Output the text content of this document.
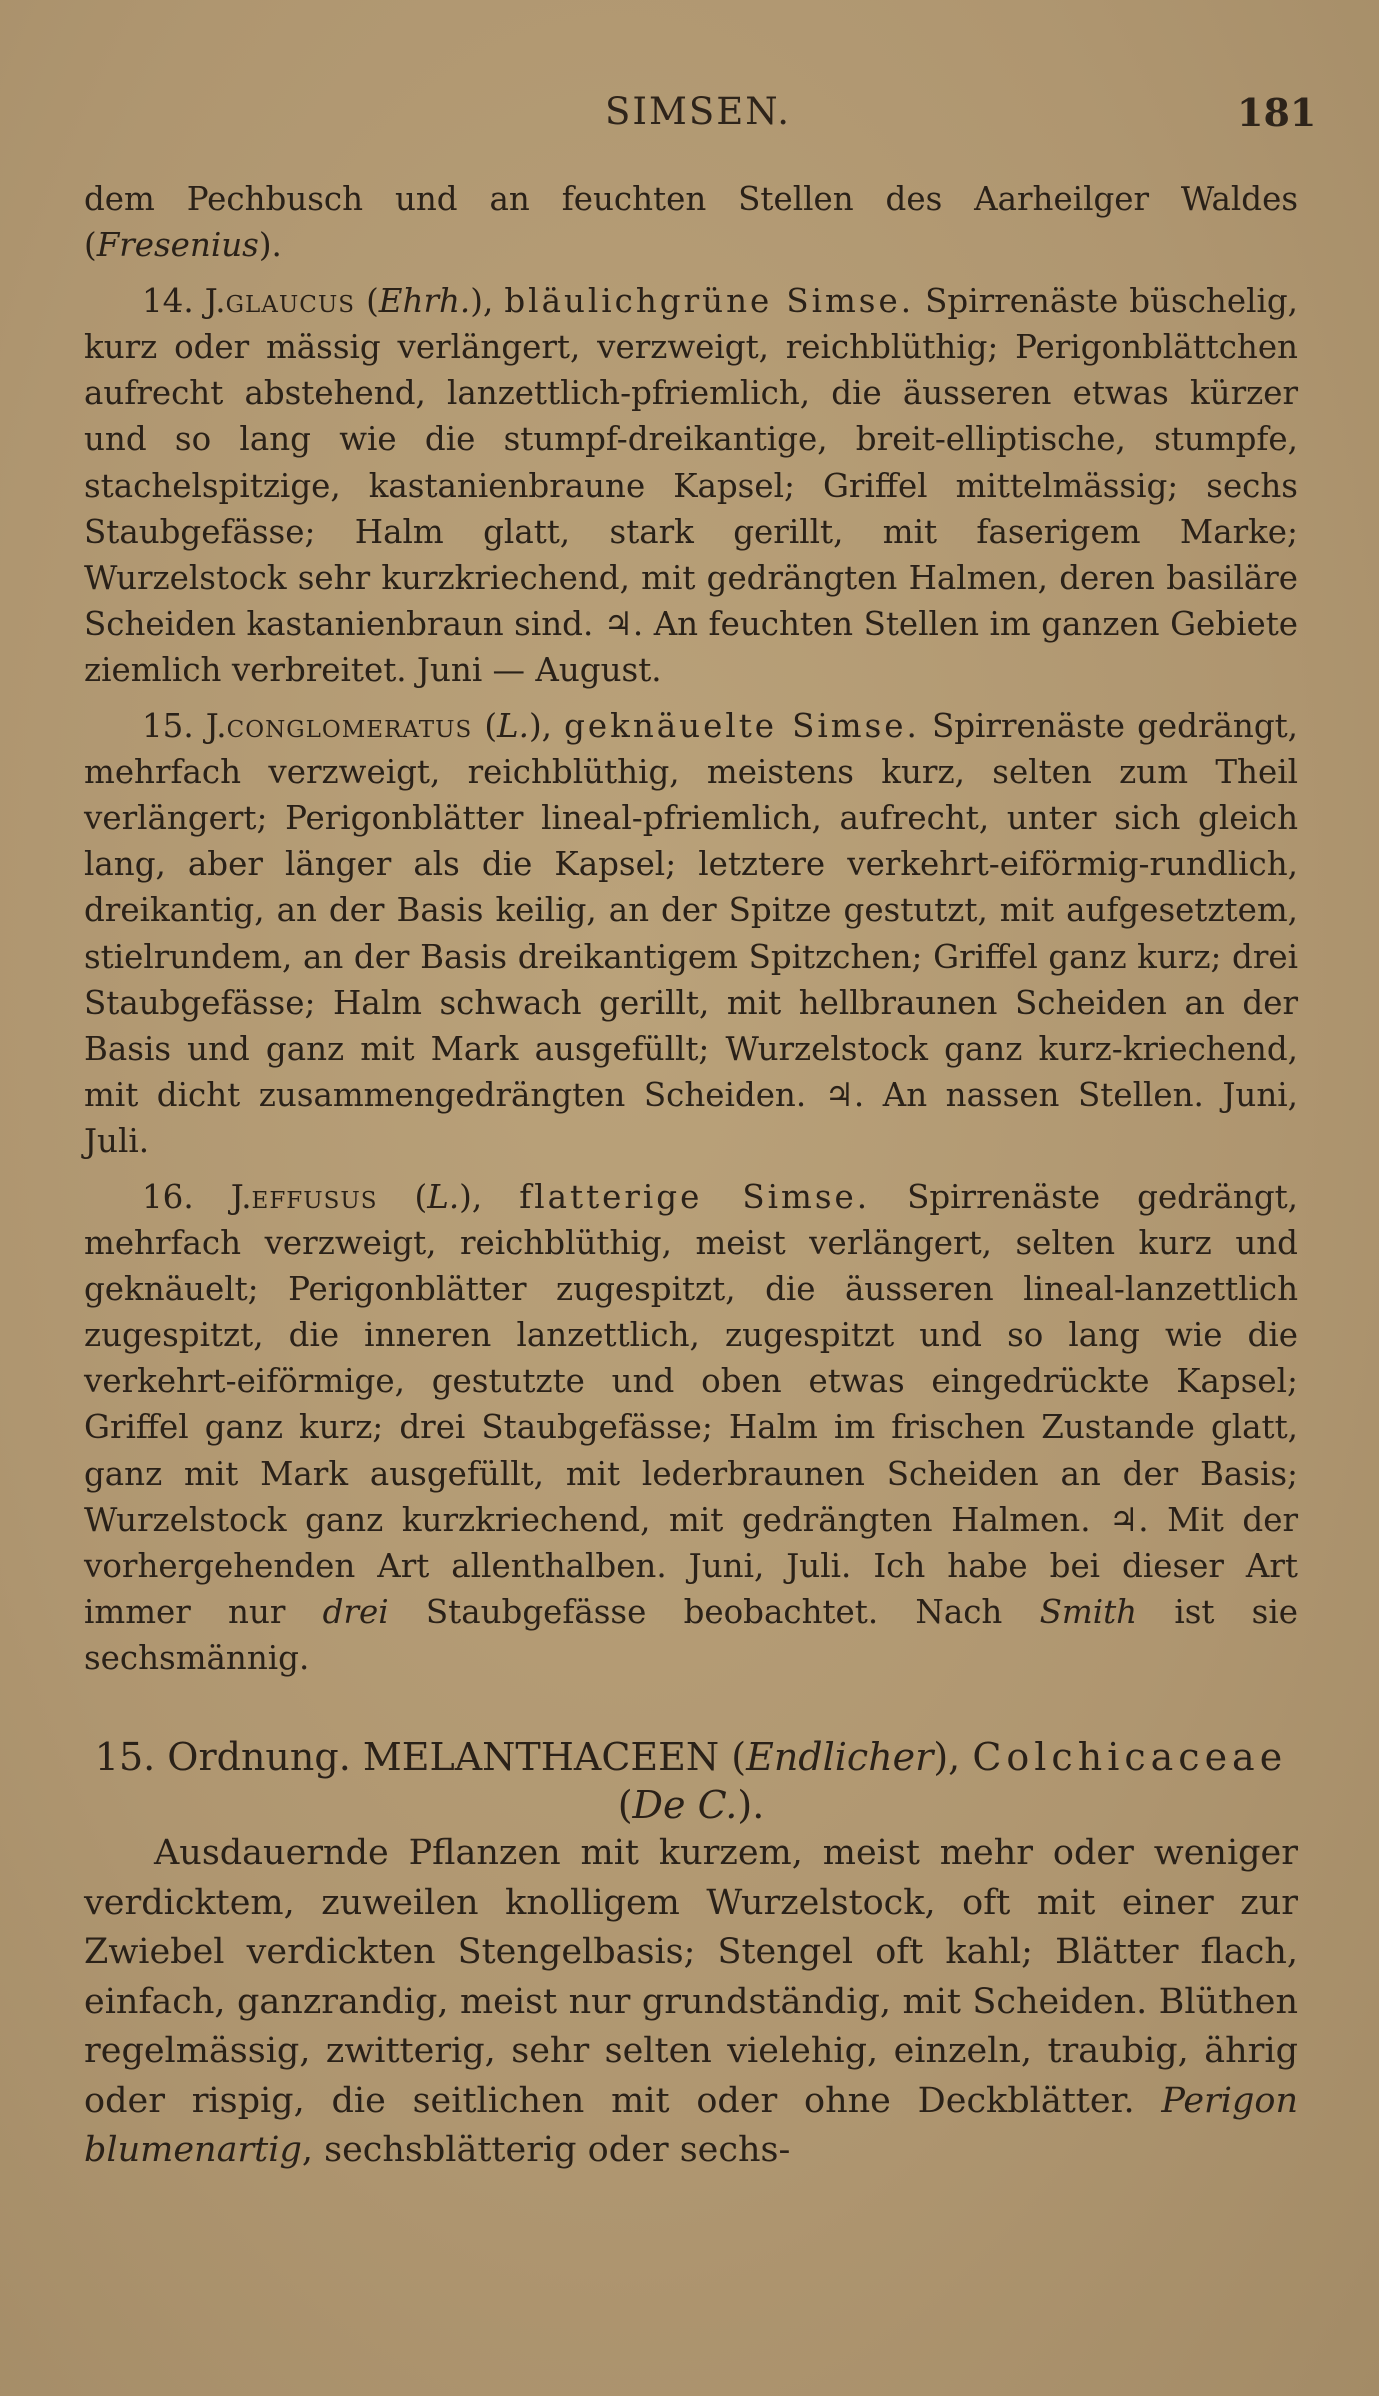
SIMSEN.	181

dem Pechbusch und an feuchten Stellen des Aarheilger Waldes (Fresenius).

14. J.glaucus (Ehrh.), bläulichgrüne Simse. Spirrenäste büschelig, kurz oder mässig verlängert, verzweigt, reichblüthig; Perigonblättchen aufrecht abstehend, lanzettlich-pfriemlich, die äusseren etwas kürzer und so lang wie die stumpf-dreikantige, breit-elliptische, stumpfe, stachelspitzige, kastanienbraune Kapsel; Griffel mittelmässig; sechs Staubgefässe; Halm glatt, stark gerillt, mit faserigem Marke; Wurzelstock sehr kurzkriechend, mit gedrängten Halmen, deren basiläre Scheiden kastanienbraun sind. ♃. An feuchten Stellen im ganzen Gebiete ziemlich verbreitet. Juni — August.

15. J.conglomeratus (L.), geknäuelte Simse. Spirrenäste gedrängt, mehrfach verzweigt, reichblüthig, meistens kurz, selten zum Theil verlängert; Perigonblätter lineal-pfriemlich, aufrecht, unter sich gleich lang, aber länger als die Kapsel; letztere verkehrt-eiförmig-rundlich, dreikantig, an der Basis keilig, an der Spitze gestutzt, mit aufgesetztem, stielrundem, an der Basis dreikantigem Spitzchen; Griffel ganz kurz; drei Staubgefässe; Halm schwach gerillt, mit hellbraunen Scheiden an der Basis und ganz mit Mark ausgefüllt; Wurzelstock ganz kurz-kriechend, mit dicht zusammengedrängten Scheiden. ♃. An nassen Stellen. Juni, Juli.

16. J.effusus (L.), flatterige Simse. Spirrenäste gedrängt, mehrfach verzweigt, reichblüthig, meist verlängert, selten kurz und geknäuelt; Perigonblätter zugespitzt, die äusseren lineal-lanzettlich zugespitzt, die inneren lanzettlich, zugespitzt und so lang wie die verkehrt-eiförmige, gestutzte und oben etwas eingedrückte Kapsel; Griffel ganz kurz; drei Staubgefässe; Halm im frischen Zustande glatt, ganz mit Mark ausgefüllt, mit lederbraunen Scheiden an der Basis; Wurzelstock ganz kurzkriechend, mit gedrängten Halmen. ♃. Mit der vorhergehenden Art allenthalben. Juni, Juli. Ich habe bei dieser Art immer nur drei Staubgefässe beobachtet. Nach Smith ist sie sechsmännig.

15. Ordnung. MELANTHACEEN (Endlicher), Colchicaceae (De C.).

Ausdauernde Pflanzen mit kurzem, meist mehr oder weniger verdicktem, zuweilen knolligem Wurzelstock, oft mit einer zur Zwiebel verdickten Stengelbasis; Stengel oft kahl; Blätter flach, einfach, ganzrandig, meist nur grundständig, mit Scheiden. Blüthen regelmässig, zwitterig, sehr selten vielehig, einzeln, traubig, ährig oder rispig, die seitlichen mit oder ohne Deckblätter. Perigon blumenartig, sechsblätterig oder sechs-
